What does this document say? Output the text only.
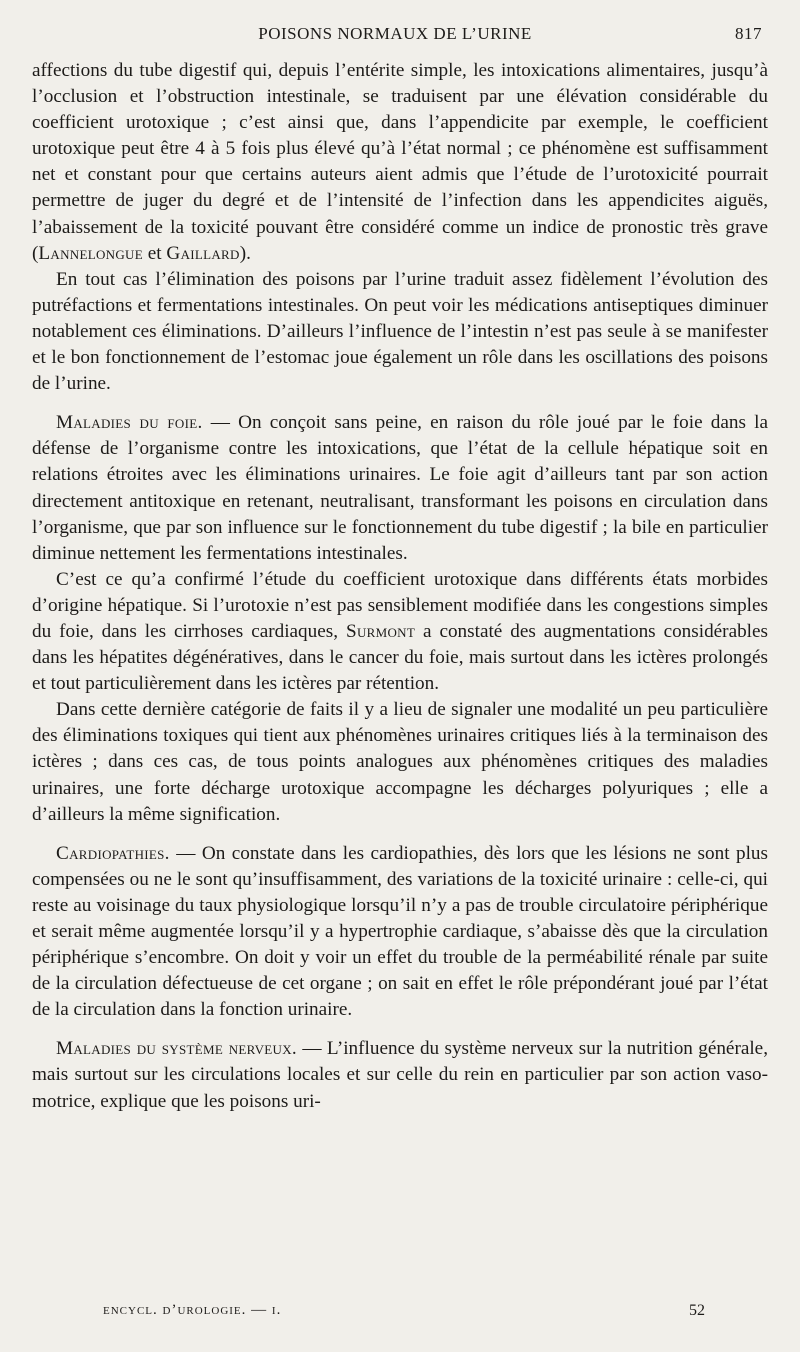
POISONS NORMAUX DE L’URINE	817

affections du tube digestif qui, depuis l’entérite simple, les intoxications alimentaires, jusqu’à l’occlusion et l’obstruction intestinale, se traduisent par une élévation considérable du coefficient urotoxique ; c’est ainsi que, dans l’appendicite par exemple, le coefficient urotoxique peut être 4 à 5 fois plus élevé qu’à l’état normal ; ce phénomène est suffisamment net et constant pour que certains auteurs aient admis que l’étude de l’urotoxicité pourrait permettre de juger du degré et de l’intensité de l’infection dans les appendicites aiguës, l’abaissement de la toxicité pouvant être considéré comme un indice de pronostic très grave (Lannelongue et Gaillard).

En tout cas l’élimination des poisons par l’urine traduit assez fidèlement l’évolution des putréfactions et fermentations intestinales. On peut voir les médications antiseptiques diminuer notablement ces éliminations. D’ailleurs l’influence de l’intestin n’est pas seule à se manifester et le bon fonctionnement de l’estomac joue également un rôle dans les oscillations des poisons de l’urine.

Maladies du foie. — On conçoit sans peine, en raison du rôle joué par le foie dans la défense de l’organisme contre les intoxications, que l’état de la cellule hépatique soit en relations étroites avec les éliminations urinaires. Le foie agit d’ailleurs tant par son action directement antitoxique en retenant, neutralisant, transformant les poisons en circulation dans l’organisme, que par son influence sur le fonctionnement du tube digestif ; la bile en particulier diminue nettement les fermentations intestinales.

C’est ce qu’a confirmé l’étude du coefficient urotoxique dans différents états morbides d’origine hépatique. Si l’urotoxie n’est pas sensiblement modifiée dans les congestions simples du foie, dans les cirrhoses cardiaques, Surmont a constaté des augmentations considérables dans les hépatites dégénératives, dans le cancer du foie, mais surtout dans les ictères prolongés et tout particulièrement dans les ictères par rétention.

Dans cette dernière catégorie de faits il y a lieu de signaler une modalité un peu particulière des éliminations toxiques qui tient aux phénomènes urinaires critiques liés à la terminaison des ictères ; dans ces cas, de tous points analogues aux phénomènes critiques des maladies urinaires, une forte décharge urotoxique accompagne les décharges polyuriques ; elle a d’ailleurs la même signification.

Cardiopathies. — On constate dans les cardiopathies, dès lors que les lésions ne sont plus compensées ou ne le sont qu’insuffisamment, des variations de la toxicité urinaire : celle-ci, qui reste au voisinage du taux physiologique lorsqu’il n’y a pas de trouble circulatoire périphérique et serait même augmentée lorsqu’il y a hypertrophie cardiaque, s’abaisse dès que la circulation périphérique s’encombre. On doit y voir un effet du trouble de la perméabilité rénale par suite de la circulation défectueuse de cet organe ; on sait en effet le rôle prépondérant joué par l’état de la circulation dans la fonction urinaire.

Maladies du système nerveux. — L’influence du système nerveux sur la nutrition générale, mais surtout sur les circulations locales et sur celle du rein en particulier par son action vaso-motrice, explique que les poisons uri-

encycl. d’urologie. — i.	52
